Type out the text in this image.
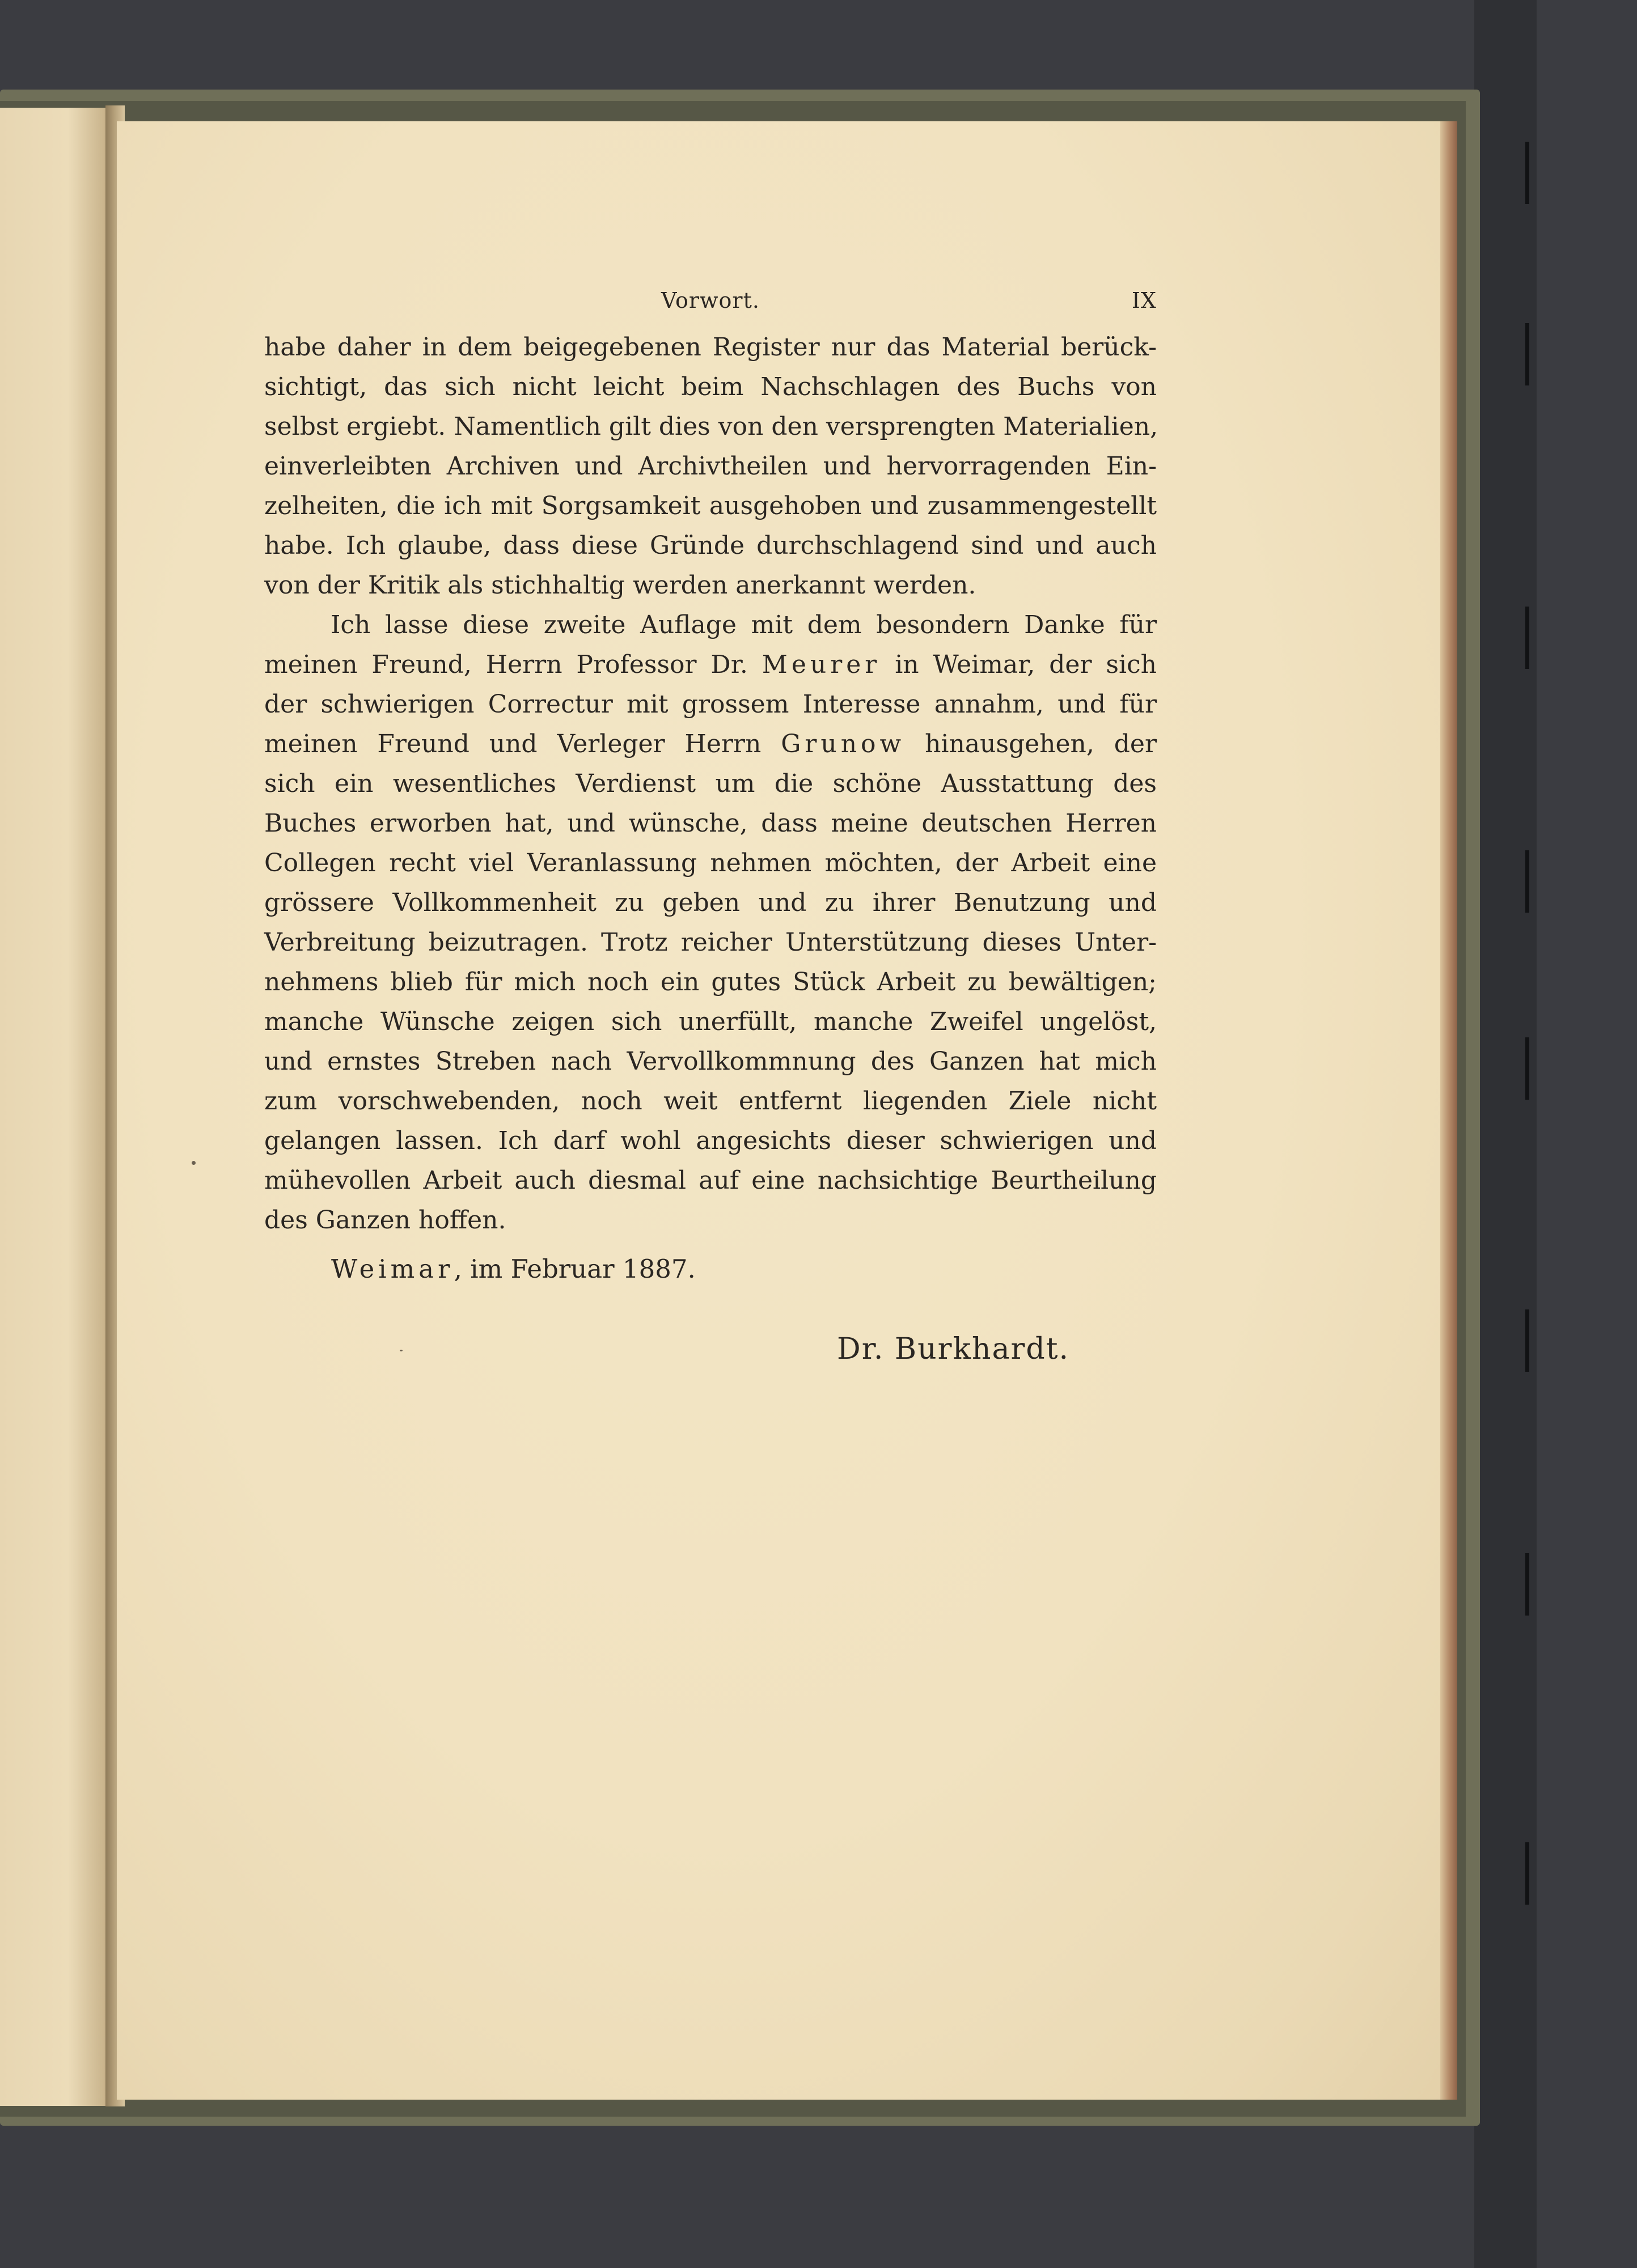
Vorwort.	IX
habe daher in dem beigegebenen Register nur das Material berück-
sichtigt, das sich nicht leicht beim Nachschlagen des Buchs von
selbst ergiebt. Namentlich gilt dies von den versprengten Materialien,
einverleibten Archiven und Archivtheilen und hervorragenden Ein-
zelheiten, die ich mit Sorgsamkeit ausgehoben und zusammengestellt
habe. Ich glaube, dass diese Gründe durchschlagend sind und auch
von der Kritik als stichhaltig werden anerkannt werden.
Ich lasse diese zweite Auflage mit dem besondern Danke für
meinen Freund, Herrn Professor Dr. Meurer in Weimar, der sich
der schwierigen Correctur mit grossem Interesse annahm, und für
meinen Freund und Verleger Herrn Grunow hinausgehen, der
sich ein wesentliches Verdienst um die schöne Ausstattung des
Buches erworben hat, und wünsche, dass meine deutschen Herren
Collegen recht viel Veranlassung nehmen möchten, der Arbeit eine
grössere Vollkommenheit zu geben und zu ihrer Benutzung und
Verbreitung beizutragen. Trotz reicher Unterstützung dieses Unter-
nehmens blieb für mich noch ein gutes Stück Arbeit zu bewältigen;
manche Wünsche zeigen sich unerfüllt, manche Zweifel ungelöst,
und ernstes Streben nach Vervollkommnung des Ganzen hat mich
zum vorschwebenden, noch weit entfernt liegenden Ziele nicht
gelangen lassen. Ich darf wohl angesichts dieser schwierigen und
mühevollen Arbeit auch diesmal auf eine nachsichtige Beurtheilung
des Ganzen hoffen.
Weimar, im Februar 1887.
Dr. Burkhardt.
